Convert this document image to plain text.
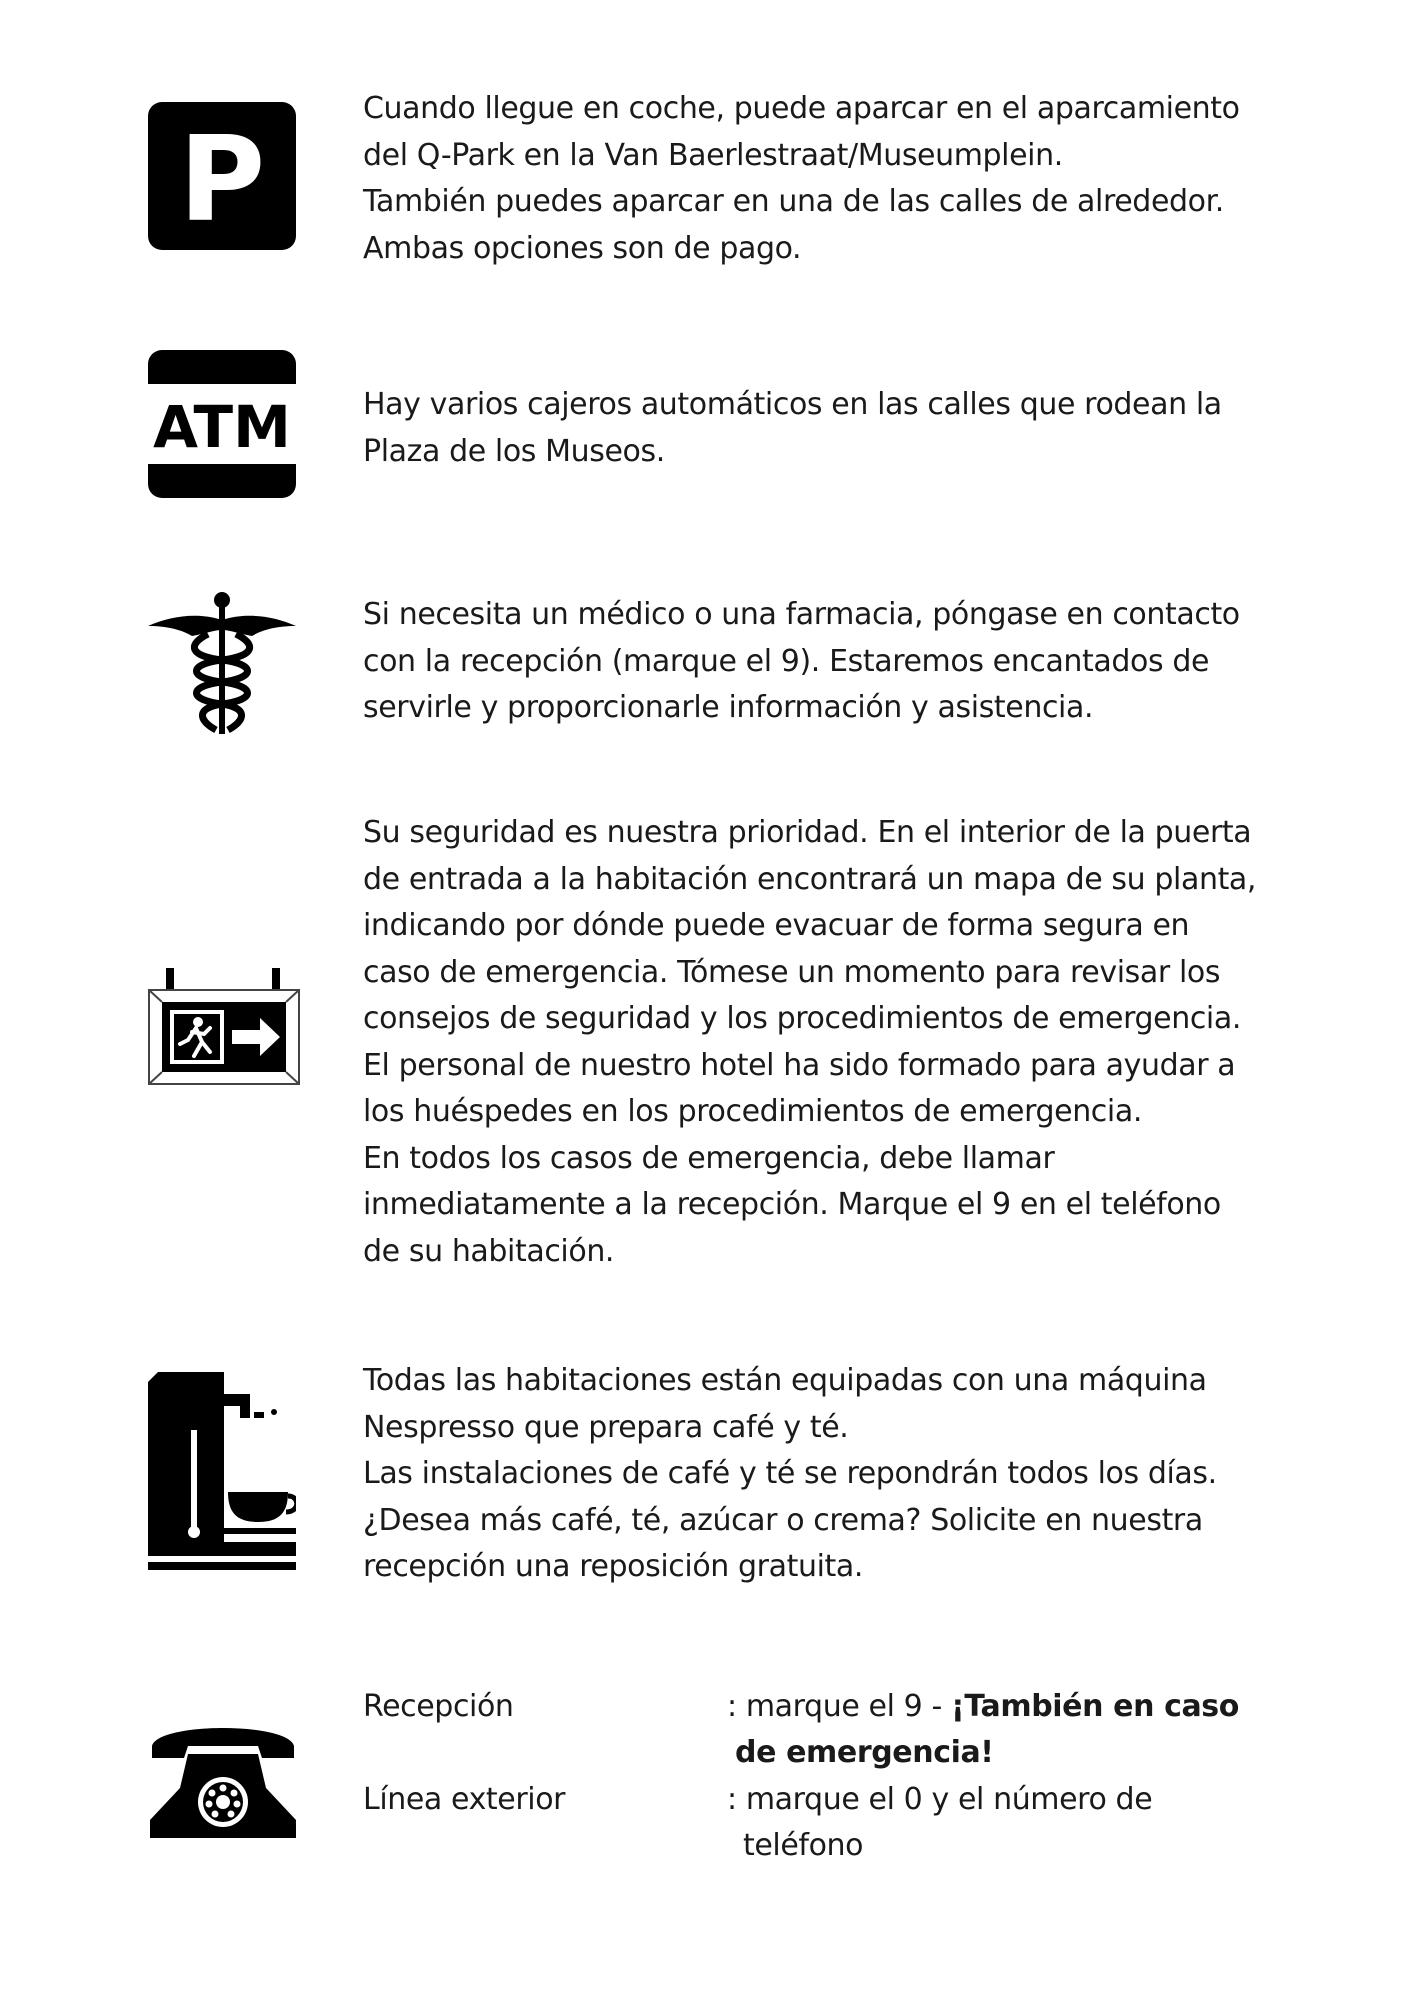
P

Cuando llegue en coche, puede aparcar en el aparcamiento

del Q-Park en la Van Baerlestraat/Museumplein.

También puedes aparcar en una de las calles de alrededor.

Ambas opciones son de pago.

ATM Hay varios cajeros automáticos en las calles que rodean la

Plaza de los Museos.

Si necesita un médico o una farmacia, póngase en contacto

con la recepción (marque el 9). Estaremos encantados de

servirle y proporcionarle información y asistencia.

Su seguridad es nuestra prioridad. En el interior de la puerta

de entrada a la habitación encontrará un mapa de su planta,

indicando por dónde puede evacuar de forma segura en

caso de emergencia. Tómese un momento para revisar los

consejos de seguridad y los procedimientos de emergencia.

El personal de nuestro hotel ha sido formado para ayudar a

los huéspedes en los procedimientos de emergencia.

En todos los casos de emergencia, debe llamar

inmediatamente a la recepción. Marque el 9 en el teléfono

de su habitación.

Todas las habitaciones están equipadas con una máquina

Nespresso que prepara café y té.

Las instalaciones de café y té se repondrán todos los días.

¿Desea más café, té, azúcar o crema? Solicite en nuestra

recepción una reposición gratuita.

Recepción	: marque el 9 - ¡También en caso
de emergencia!
Línea exterior	: marque el 0 y el número de
teléfono
